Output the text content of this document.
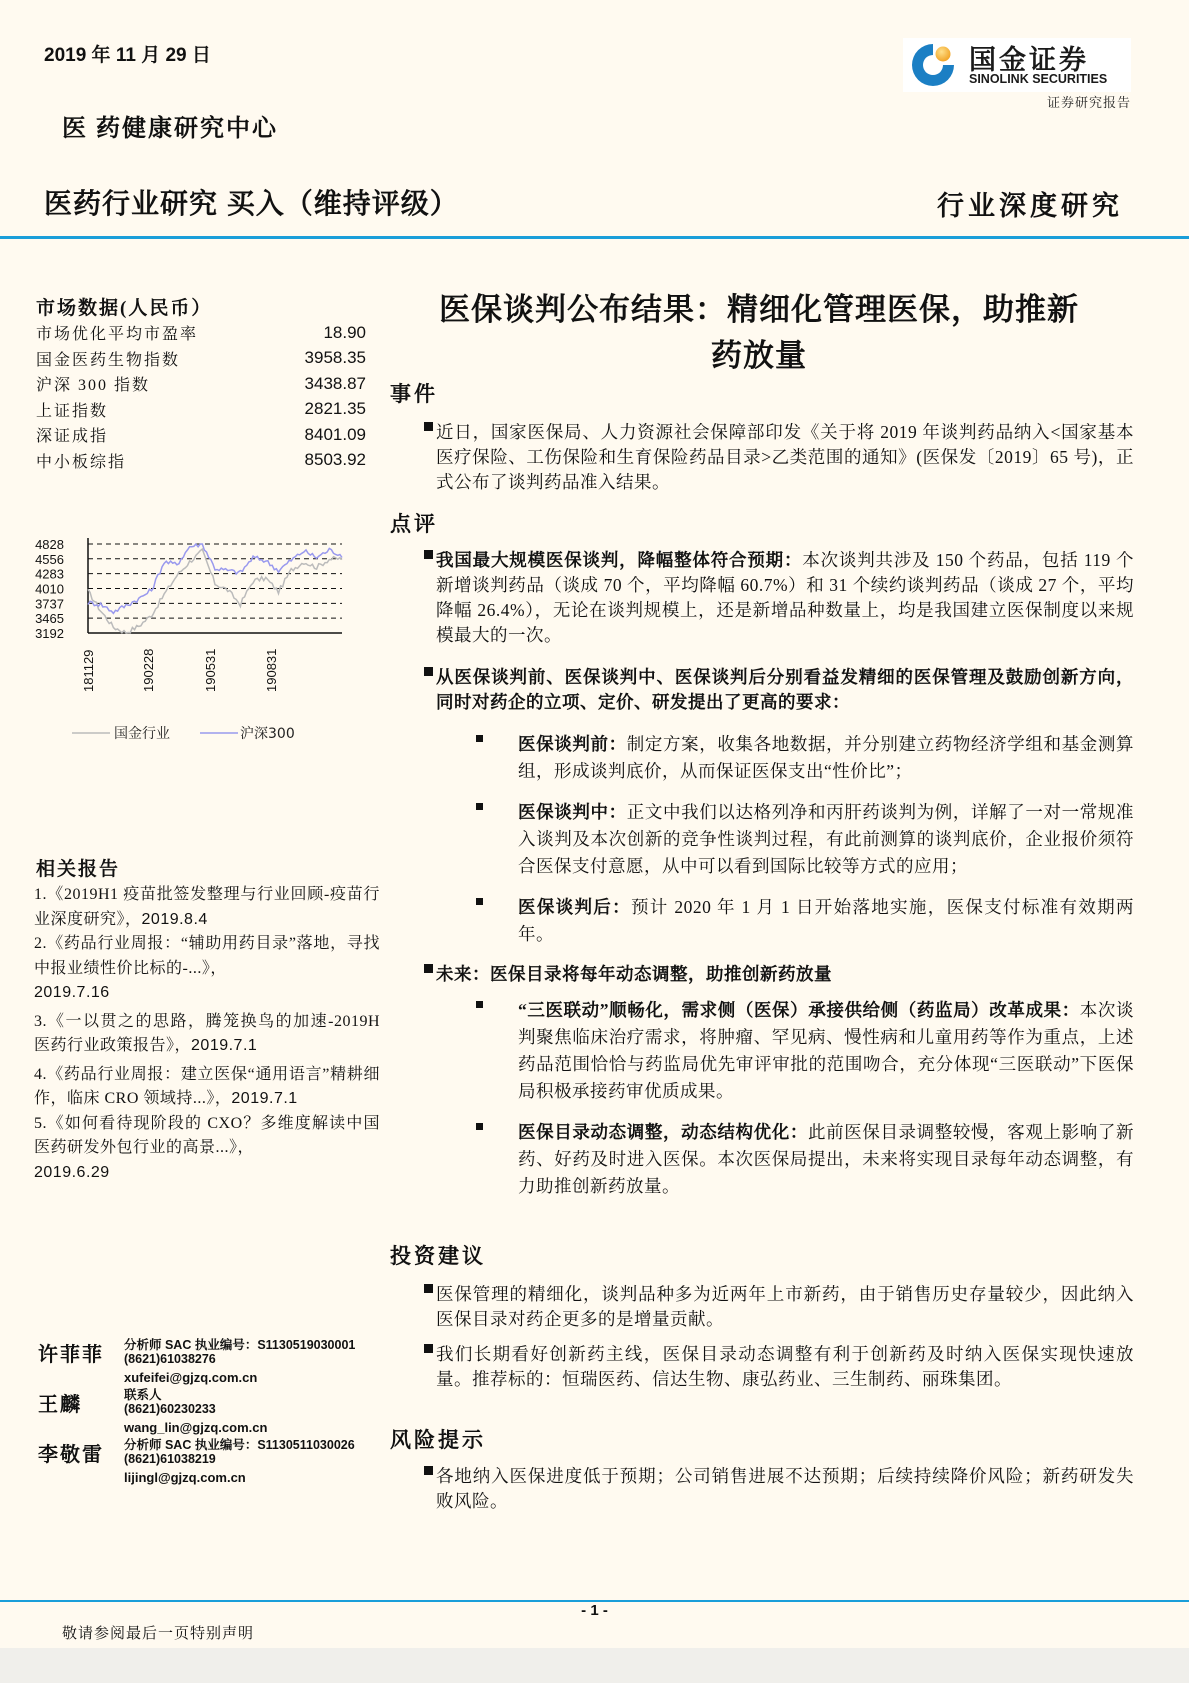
2019 年 11 月 29 日
医 药健康研究中心
医药行业研究 买入（维持评级）	行业深度研究
国金证券
SINOLINK SECURITIES
证券研究报告
市场数据(人民币）
市场优化平均市盈率	18.90
国金医药生物指数	3958.35
沪深 300 指数	3438.87
上证指数	2821.35
深证成指	8401.09
中小板综指	8503.92
4828
4556
4283
4010
3737
3465
3192
181129	190228	190531	190831
国金行业	沪深300
相关报告
1.《2019H1 疫苗批签发整理与行业回顾-疫苗行业深度研究》，2019.8.4
2.《药品行业周报：“辅助用药目录”落地，寻找中报业绩性价比标的-...》，
2019.7.16
3.《一以贯之的思路，腾笼换鸟的加速-2019H 医药行业政策报告》，2019.7.1
4.《药品行业周报：建立医保“通用语言”精耕细作，临床 CRO 领域持...》，2019.7.1
5.《如何看待现阶段的 CXO？多维度解读中国医药研发外包行业的高景...》，
2019.6.29
许菲菲	分析师 SAC 执业编号：S1130519030001
(8621)61038276
xufeifei@gjzq.com.cn
王麟	联系人
(8621)60230233
wang_lin@gjzq.com.cn
李敬雷	分析师 SAC 执业编号：S1130511030026
(8621)61038219
lijingl@gjzq.com.cn
医保谈判公布结果：精细化管理医保，助推新
药放量
事件
近日，国家医保局、人力资源社会保障部印发《关于将 2019 年谈判药品纳入<国家基本医疗保险、工伤保险和生育保险药品目录>乙类范围的通知》(医保发〔2019〕65 号)，正式公布了谈判药品准入结果。
点评
我国最大规模医保谈判，降幅整体符合预期：本次谈判共涉及 150 个药品，包括 119 个新增谈判药品（谈成 70 个，平均降幅 60.7%）和 31 个续约谈判药品（谈成 27 个，平均降幅 26.4%），无论在谈判规模上，还是新增品种数量上，均是我国建立医保制度以来规模最大的一次。
从医保谈判前、医保谈判中、医保谈判后分别看益发精细的医保管理及鼓励创新方向，同时对药企的立项、定价、研发提出了更高的要求：
医保谈判前：制定方案，收集各地数据，并分别建立药物经济学组和基金测算组，形成谈判底价，从而保证医保支出“性价比”；
医保谈判中：正文中我们以达格列净和丙肝药谈判为例，详解了一对一常规准入谈判及本次创新的竞争性谈判过程，有此前测算的谈判底价，企业报价须符合医保支付意愿，从中可以看到国际比较等方式的应用；
医保谈判后：预计 2020 年 1 月 1 日开始落地实施，医保支付标准有效期两年。
未来：医保目录将每年动态调整，助推创新药放量
“三医联动”顺畅化，需求侧（医保）承接供给侧（药监局）改革成果：本次谈判聚焦临床治疗需求，将肿瘤、罕见病、慢性病和儿童用药等作为重点，上述药品范围恰恰与药监局优先审评审批的范围吻合，充分体现“三医联动”下医保局积极承接药审优质成果。
医保目录动态调整，动态结构优化：此前医保目录调整较慢，客观上影响了新药、好药及时进入医保。本次医保局提出，未来将实现目录每年动态调整，有力助推创新药放量。
投资建议
医保管理的精细化，谈判品种多为近两年上市新药，由于销售历史存量较少，因此纳入医保目录对药企更多的是增量贡献。
我们长期看好创新药主线，医保目录动态调整有利于创新药及时纳入医保实现快速放量。推荐标的：恒瑞医药、信达生物、康弘药业、三生制药、丽珠集团。
风险提示
各地纳入医保进度低于预期；公司销售进展不达预期；后续持续降价风险；新药研发失败风险。
- 1 -
敬请参阅最后一页特别声明
